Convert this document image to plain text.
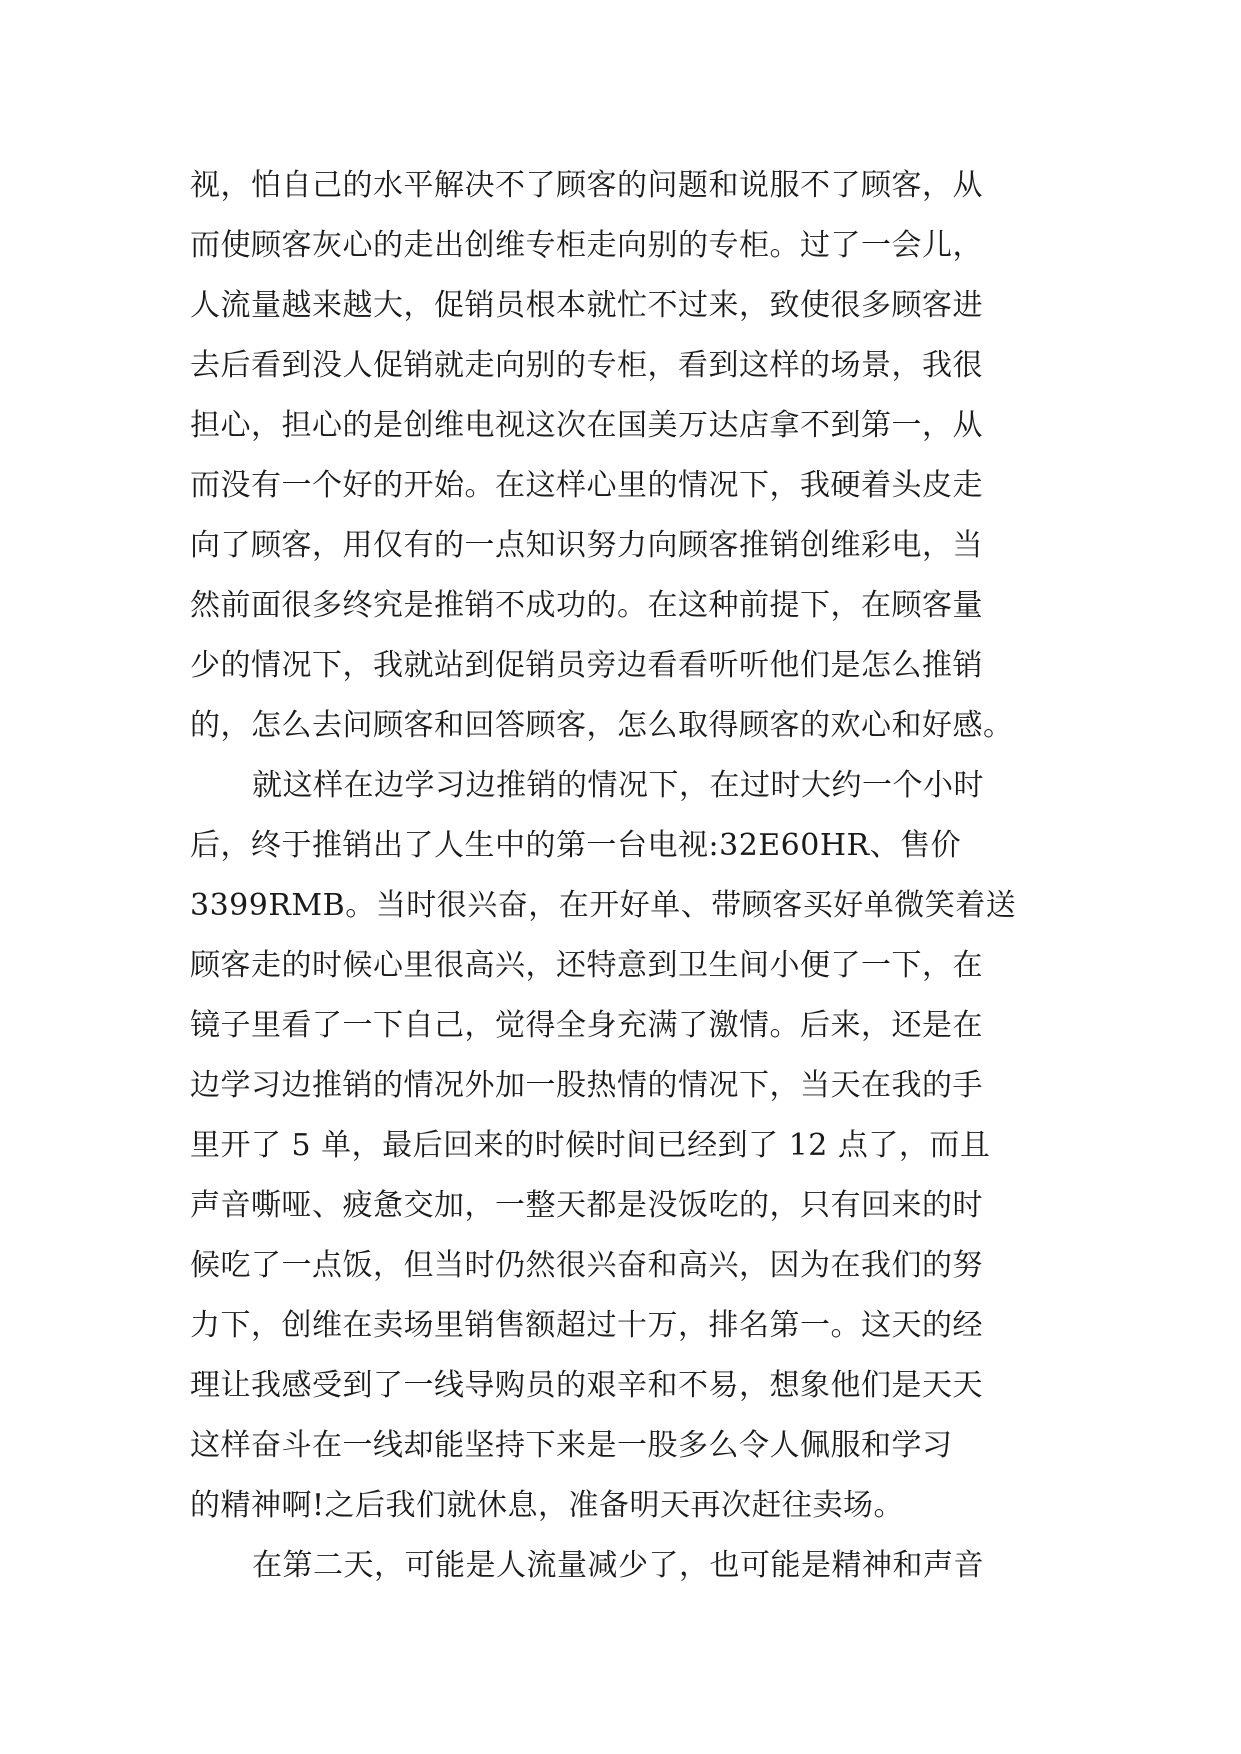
视，怕自己的水平解决不了顾客的问题和说服不了顾客，从
而使顾客灰心的走出创维专柜走向别的专柜。过了一会儿，
人流量越来越大，促销员根本就忙不过来，致使很多顾客进
去后看到没人促销就走向别的专柜，看到这样的场景，我很
担心，担心的是创维电视这次在国美万达店拿不到第一，从
而没有一个好的开始。在这样心里的情况下，我硬着头皮走
向了顾客，用仅有的一点知识努力向顾客推销创维彩电，当
然前面很多终究是推销不成功的。在这种前提下，在顾客量
少的情况下，我就站到促销员旁边看看听听他们是怎么推销
的，怎么去问顾客和回答顾客，怎么取得顾客的欢心和好感。
就这样在边学习边推销的情况下，在过时大约一个小时
后，终于推销出了人生中的第一台电视:32E60HR、售价
3399RMB。当时很兴奋，在开好单、带顾客买好单微笑着送
顾客走的时候心里很高兴，还特意到卫生间小便了一下，在
镜子里看了一下自己，觉得全身充满了激情。后来，还是在
边学习边推销的情况外加一股热情的情况下，当天在我的手
里开了 5 单，最后回来的时候时间已经到了 12 点了，而且
声音嘶哑、疲惫交加，一整天都是没饭吃的，只有回来的时
候吃了一点饭，但当时仍然很兴奋和高兴，因为在我们的努
力下，创维在卖场里销售额超过十万，排名第一。这天的经
理让我感受到了一线导购员的艰辛和不易，想象他们是天天
这样奋斗在一线却能坚持下来是一股多么令人佩服和学习
的精神啊!之后我们就休息，准备明天再次赶往卖场。
在第二天，可能是人流量减少了，也可能是精神和声音
